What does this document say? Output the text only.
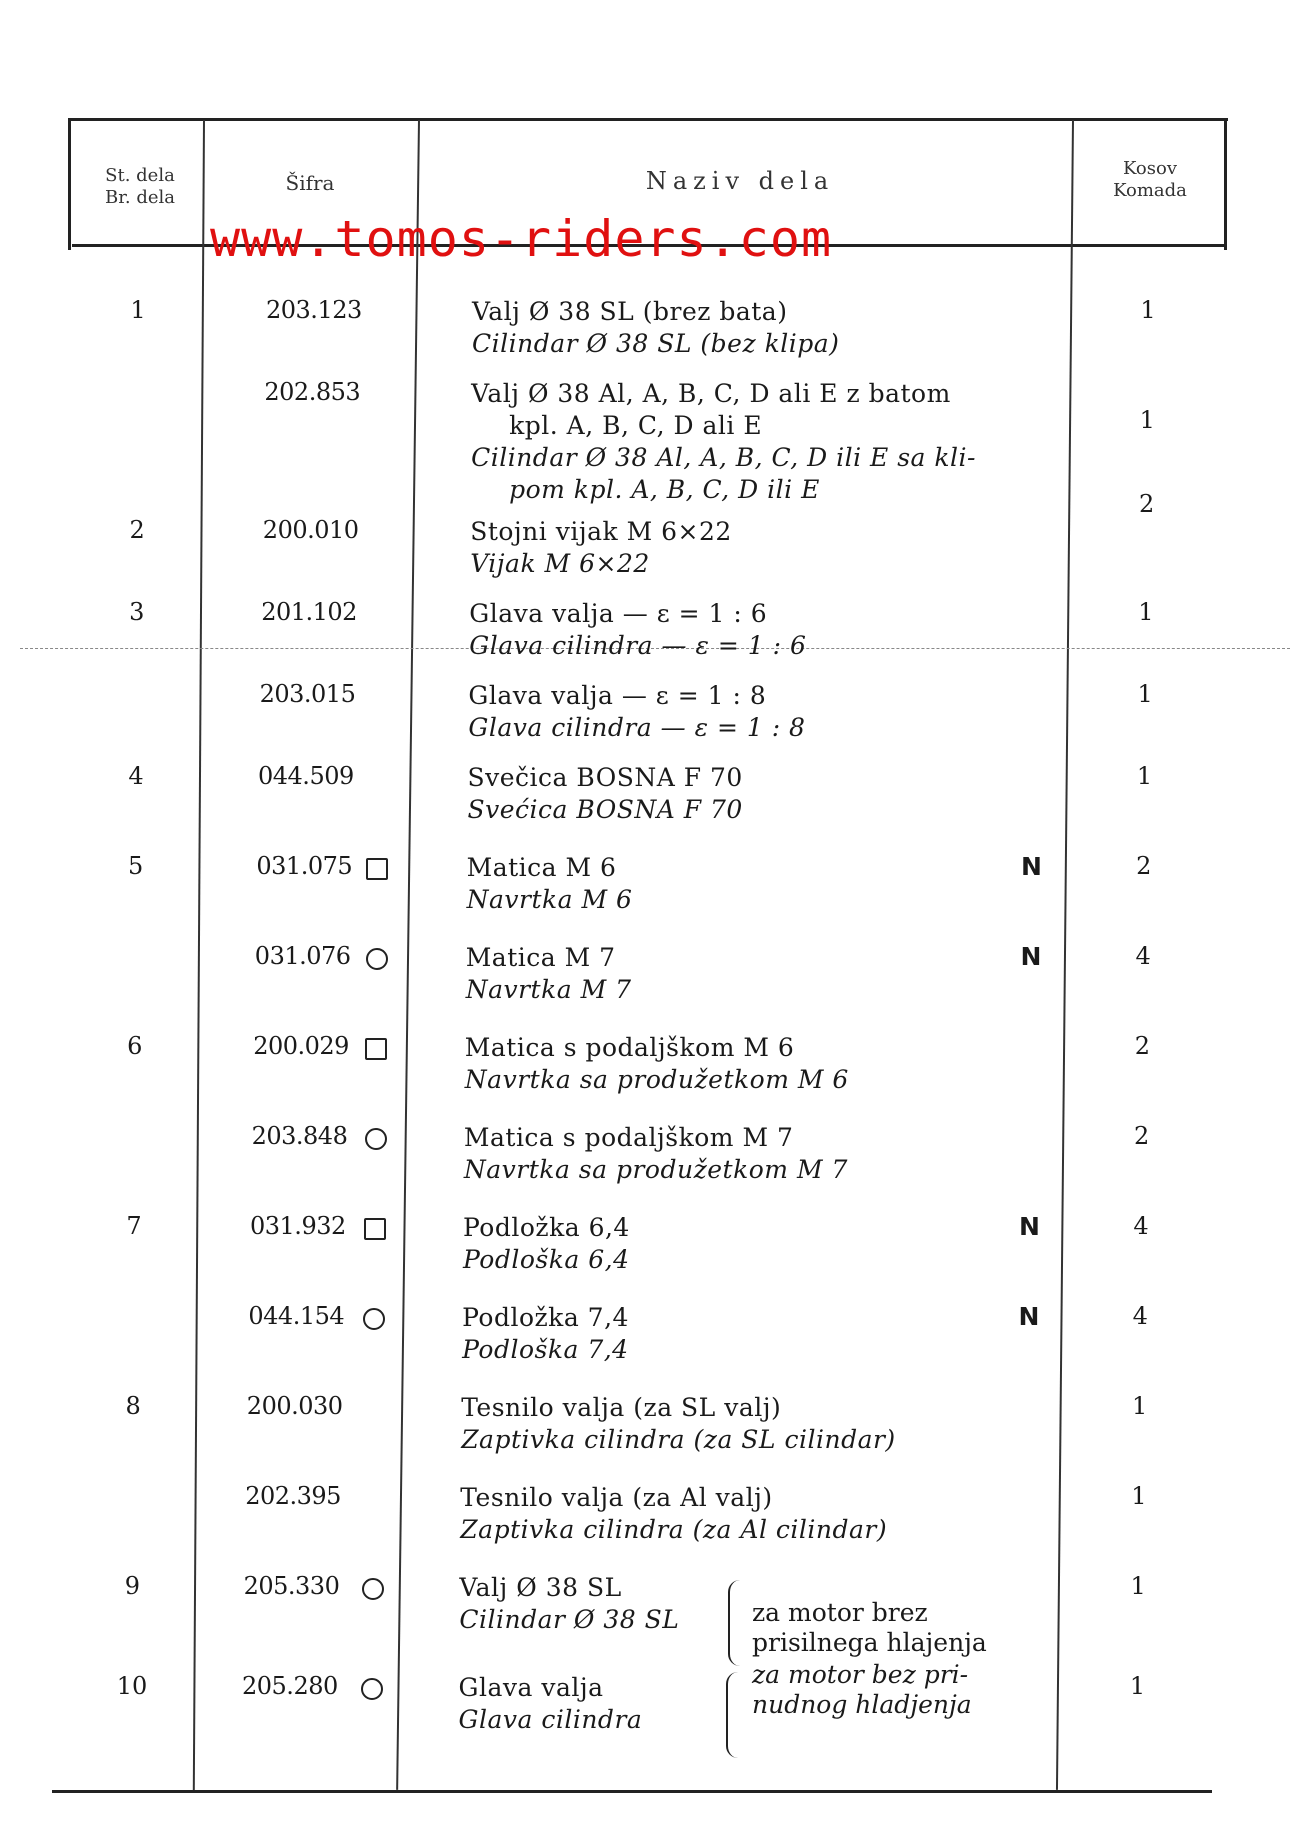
St. dela
Br. dela
Šifra	Naziv dela	Kosov
Komada
www.tomos-riders.com
1	203.123	Valj Ø 38 SL (brez bata)
Cilindar Ø 38 SL (bez klipa)
1
202.853	Valj Ø 38 Al, A, B, C, D ali E z batom
kpl. A, B, C, D ali E
Cilindar Ø 38 Al, A, B, C, D ili E sa kli-
pom kpl. A, B, C, D ili E
1
2	200.010	Stojni vijak M 6×22
Vijak M 6×22
2
3	201.102	Glava valja — ε = 1 : 6
Glava cilindra — ε = 1 : 6
1
203.015	Glava valja — ε = 1 : 8
Glava cilindra — ε = 1 : 8
1
4	044.509	Svečica BOSNA F 70
Svećica BOSNA F 70
1
5	031.075	Matica M 6
Navrtka M 6
N	2
031.076	Matica M 7
Navrtka M 7
N	4
6	200.029	Matica s podaljškom M 6
Navrtka sa produžetkom M 6
2
203.848	Matica s podaljškom M 7
Navrtka sa produžetkom M 7
2
7	031.932	Podložka 6,4
Podloška 6,4
N	4
044.154	Podložka 7,4
Podloška 7,4
N	4
8	200.030	Tesnilo valja (za SL valj)
Zaptivka cilindra (za SL cilindar)
1
202.395	Tesnilo valja (za Al valj)
Zaptivka cilindra (za Al cilindar)
1
9	205.330	Valj Ø 38 SL
Cilindar Ø 38 SL
1
10	205.280	Glava valja
Glava cilindra
1
za motor brez
prisilnega hlajenja
za motor bez pri-
nudnog hladjenja
